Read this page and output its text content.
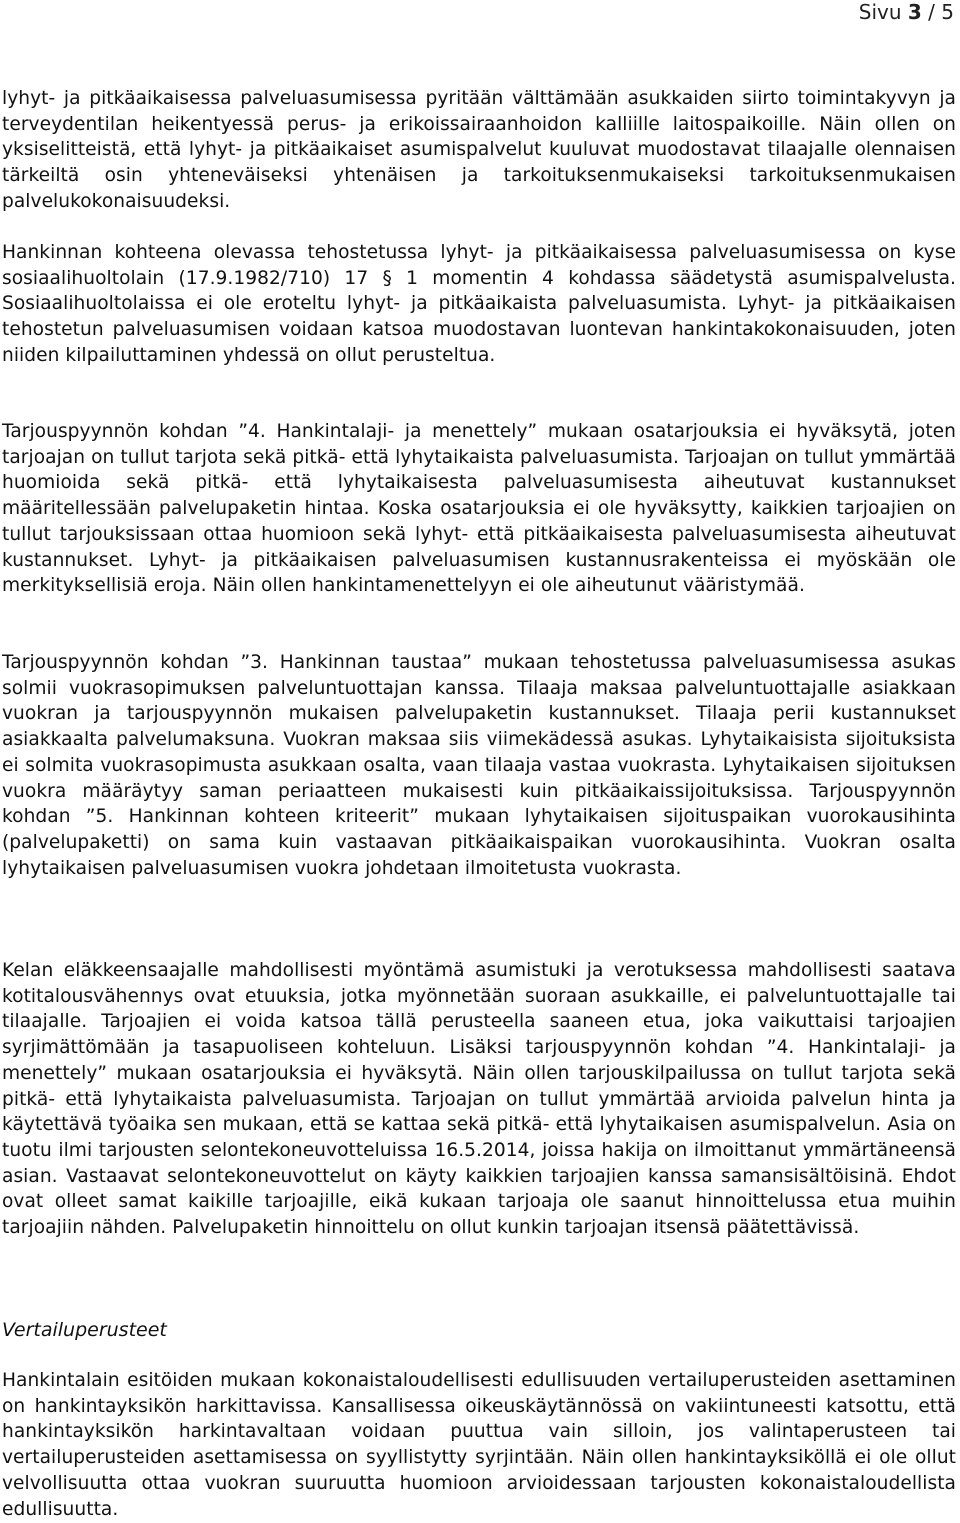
Sivu 3 / 5

lyhyt- ja pitkäaikaisessa palveluasumisessa pyritään välttämään asukkaiden siirto toimintakyvyn ja terveydentilan heikentyessä perus- ja erikoissairaanhoidon kalliille laitospaikoille. Näin ollen on yksiselitteistä, että lyhyt- ja pitkäaikaiset asumispalvelut kuuluvat muodostavat tilaajalle olennaisen tärkeiltä osin yhteneväiseksi yhtenäisen ja tarkoituksenmukaiseksi tarkoituksenmukaisen palvelukokonaisuudeksi.

Hankinnan kohteena olevassa tehostetussa lyhyt- ja pitkäaikaisessa palveluasumisessa on kyse sosiaalihuoltolain (17.9.1982/710) 17 § 1 momentin 4 kohdassa säädetystä asumispalvelusta. Sosiaalihuoltolaissa ei ole eroteltu lyhyt- ja pitkäaikaista palveluasumista. Lyhyt- ja pitkäaikaisen tehostetun palveluasumisen voidaan katsoa muodostavan luontevan hankintakokonaisuuden, joten niiden kilpailuttaminen yhdessä on ollut perusteltua.

Tarjouspyynnön kohdan ”4. Hankintalaji- ja menettely” mukaan osatarjouksia ei hyväksytä, joten tarjoajan on tullut tarjota sekä pitkä- että lyhytaikaista palveluasumista. Tarjoajan on tullut ymmärtää huomioida sekä pitkä- että lyhytaikaisesta palveluasumisesta aiheutuvat kustannukset määritellessään palvelupaketin hintaa. Koska osatarjouksia ei ole hyväksytty, kaikkien tarjoajien on tullut tarjouksissaan ottaa huomioon sekä lyhyt- että pitkäaikaisesta palveluasumisesta aiheutuvat kustannukset. Lyhyt- ja pitkäaikaisen palveluasumisen kustannusrakenteissa ei myöskään ole merkityksellisiä eroja. Näin ollen hankintamenettelyyn ei ole aiheutunut vääristymää.

Tarjouspyynnön kohdan ”3. Hankinnan taustaa” mukaan tehostetussa palveluasumisessa asukas solmii vuokrasopimuksen palveluntuottajan kanssa. Tilaaja maksaa palveluntuottajalle asiakkaan vuokran ja tarjouspyynnön mukaisen palvelupaketin kustannukset. Tilaaja perii kustannukset asiakkaalta palvelumaksuna. Vuokran maksaa siis viimekädessä asukas. Lyhytaikaisista sijoituksista ei solmita vuokrasopimusta asukkaan osalta, vaan tilaaja vastaa vuokrasta. Lyhytaikaisen sijoituksen vuokra määräytyy saman periaatteen mukaisesti kuin pitkäaikaissijoituksissa. Tarjouspyynnön kohdan ”5. Hankinnan kohteen kriteerit” mukaan lyhytaikaisen sijoituspaikan vuorokausihinta (palvelupaketti) on sama kuin vastaavan pitkäaikaispaikan vuorokausihinta. Vuokran osalta lyhytaikaisen palveluasumisen vuokra johdetaan ilmoitetusta vuokrasta.

Kelan eläkkeensaajalle mahdollisesti myöntämä asumistuki ja verotuksessa mahdollisesti saatava kotitalousvähennys ovat etuuksia, jotka myönnetään suoraan asukkaille, ei palveluntuottajalle tai tilaajalle. Tarjoajien ei voida katsoa tällä perusteella saaneen etua, joka vaikuttaisi tarjoajien syrjimättömään ja tasapuoliseen kohteluun. Lisäksi tarjouspyynnön kohdan ”4. Hankintalaji- ja menettely” mukaan osatarjouksia ei hyväksytä. Näin ollen tarjouskilpailussa on tullut tarjota sekä pitkä- että lyhytaikaista palveluasumista. Tarjoajan on tullut ymmärtää arvioida palvelun hinta ja käytettävä työaika sen mukaan, että se kattaa sekä pitkä- että lyhytaikaisen asumispalvelun. Asia on tuotu ilmi tarjousten selontekoneuvotteluissa 16.5.2014, joissa hakija on ilmoittanut ymmärtäneensä asian. Vastaavat selontekoneuvottelut on käyty kaikkien tarjoajien kanssa samansisältöisinä. Ehdot ovat olleet samat kaikille tarjoajille, eikä kukaan tarjoaja ole saanut hinnoittelussa etua muihin tarjoajiin nähden. Palvelupaketin hinnoittelu on ollut kunkin tarjoajan itsensä päätettävissä.

Vertailuperusteet

Hankintalain esitöiden mukaan kokonaistaloudellisesti edullisuuden vertailuperusteiden asettaminen on hankintayksikön harkittavissa. Kansallisessa oikeuskäytännössä on vakiintuneesti katsottu, että hankintayksikön harkintavaltaan voidaan puuttua vain silloin, jos valintaperusteen tai vertailuperusteiden asettamisessa on syyllistytty syrjintään. Näin ollen hankintayksiköllä ei ole ollut velvollisuutta ottaa vuokran suuruutta huomioon arvioidessaan tarjousten kokonaistaloudellista edullisuutta.
